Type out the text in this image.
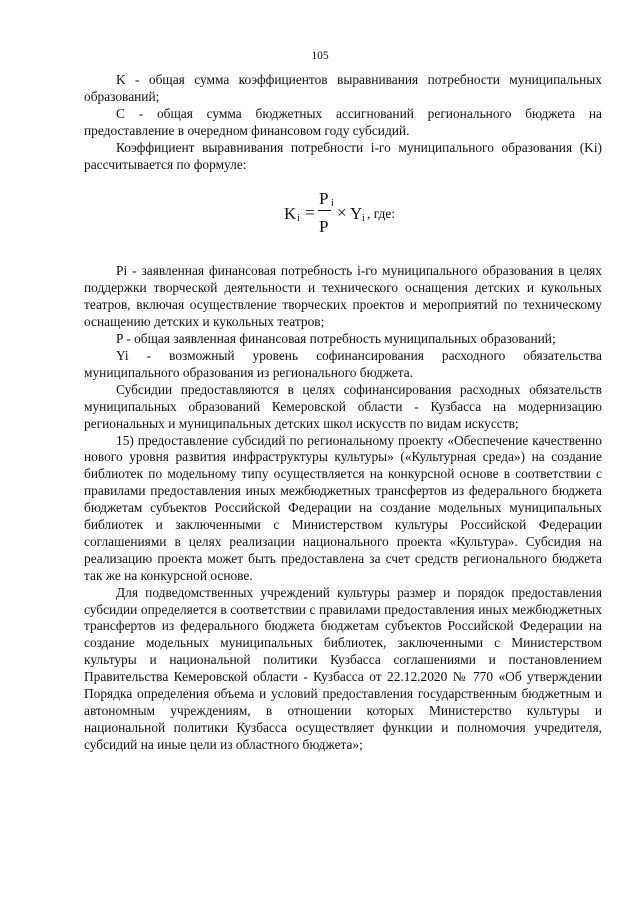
105

K - общая сумма коэффициентов выравнивания потребности муниципальных образований;

C - общая сумма бюджетных ассигнований регионального бюджета на предоставление в очередном финансовом году субсидий.

Коэффициент выравнивания потребности i-го муниципального образования (Ki) рассчитывается по формуле:

K i =
P i
P
× Y i , где:

Pi - заявленная финансовая потребность i-го муниципального образования в целях поддержки творческой деятельности и технического оснащения детских и кукольных театров, включая осуществление творческих проектов и мероприятий по техническому оснащению детских и кукольных театров;

P - общая заявленная финансовая потребность муниципальных образований;

Yi - возможный уровень софинансирования расходного обязательства муниципального образования из регионального бюджета.

Субсидии предоставляются в целях софинансирования расходных обязательств муниципальных образований Кемеровской области - Кузбасса на модернизацию региональных и муниципальных детских школ искусств по видам искусств;

15) предоставление субсидий по региональному проекту «Обеспечение качественно нового уровня развития инфраструктуры культуры» («Культурная среда») на создание библиотек по модельному типу осуществляется на конкурсной основе в соответствии с правилами предоставления иных межбюджетных трансфертов из федерального бюджета бюджетам субъектов Российской Федерации на создание модельных муниципальных библиотек и заключенными с Министерством культуры Российской Федерации соглашениями в целях реализации национального проекта «Культура». Субсидия на реализацию проекта может быть предоставлена за счет средств регионального бюджета так же на конкурсной основе.

Для подведомственных учреждений культуры размер и порядок предоставления субсидии определяется в соответствии с правилами предоставления иных межбюджетных трансфертов из федерального бюджета бюджетам субъектов Российской Федерации на создание модельных муниципальных библиотек, заключенными с Министерством культуры и национальной политики Кузбасса соглашениями и постановлением Правительства Кемеровской области - Кузбасса от 22.12.2020 № 770 «Об утверждении Порядка определения объема и условий предоставления государственным бюджетным и автономным учреждениям, в отношении которых Министерство культуры и национальной политики Кузбасса осуществляет функции и полномочия учредителя, субсидий на иные цели из областного бюджета»;
